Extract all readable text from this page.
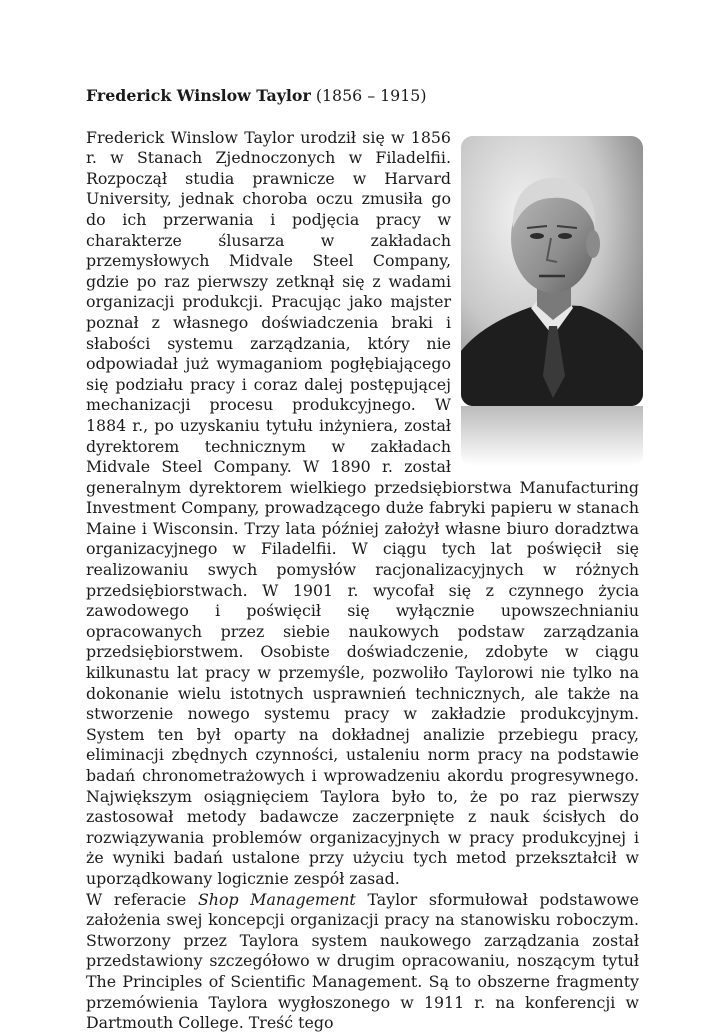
Frederick Winslow Taylor (1856 – 1915)

Frederick Winslow Taylor urodził się w 1856 r. w Stanach Zjednoczonych w Filadelfii. Rozpoczął studia prawnicze w Harvard University, jednak choroba oczu zmusiła go do ich przerwania i podjęcia pracy w charakterze ślusarza w zakładach przemysłowych Midvale Steel Company, gdzie po raz pierwszy zetknął się z wadami organizacji produkcji. Pracując jako majster poznał z własnego doświadczenia braki i słabości systemu zarządzania, który nie odpowiadał już wymaganiom pogłębiającego się podziału pracy i coraz dalej postępującej mechanizacji procesu produkcyjnego. W 1884 r., po uzyskaniu tytułu inżyniera, został dyrektorem technicznym w zakładach Midvale Steel Company. W 1890 r. został generalnym dyrektorem wielkiego przedsiębiorstwa Manufacturing Investment Company, prowadzącego duże fabryki papieru w stanach Maine i Wisconsin. Trzy lata później założył własne biuro doradztwa organizacyjnego w Filadelfii. W ciągu tych lat poświęcił się realizowaniu swych pomysłów racjonalizacyjnych w różnych przedsiębiorstwach. W 1901 r. wycofał się z czynnego życia zawodowego i poświęcił się wyłącznie upowszechnianiu opracowanych przez siebie naukowych podstaw zarządzania przedsiębiorstwem. Osobiste doświadczenie, zdobyte w ciągu kilkunastu lat pracy w przemyśle, pozwoliło Taylorowi nie tylko na dokonanie wielu istotnych usprawnień technicznych, ale także na stworzenie nowego systemu pracy w zakładzie produkcyjnym. System ten był oparty na dokładnej analizie przebiegu pracy, eliminacji zbędnych czynności, ustaleniu norm pracy na podstawie badań chronometrażowych i wprowadzeniu akordu progresywnego. Największym osiągnięciem Taylora było to, że po raz pierwszy zastosował metody badawcze zaczerpnięte z nauk ścisłych do rozwiązywania problemów organizacyjnych w pracy produkcyjnej i że wyniki badań ustalone przy użyciu tych metod przekształcił w uporządkowany logicznie zespół zasad.

W referacie Shop Management Taylor sformułował podstawowe założenia swej koncepcji organizacji pracy na stanowisku roboczym. Stworzony przez Taylora system naukowego zarządzania został przedstawiony szczegółowo w drugim opracowaniu, noszącym tytuł The Principles of Scientific Management. Są to obszerne fragmenty przemówienia Taylora wygłoszonego w 1911 r. na konferencji w Dartmouth College. Treść tego
